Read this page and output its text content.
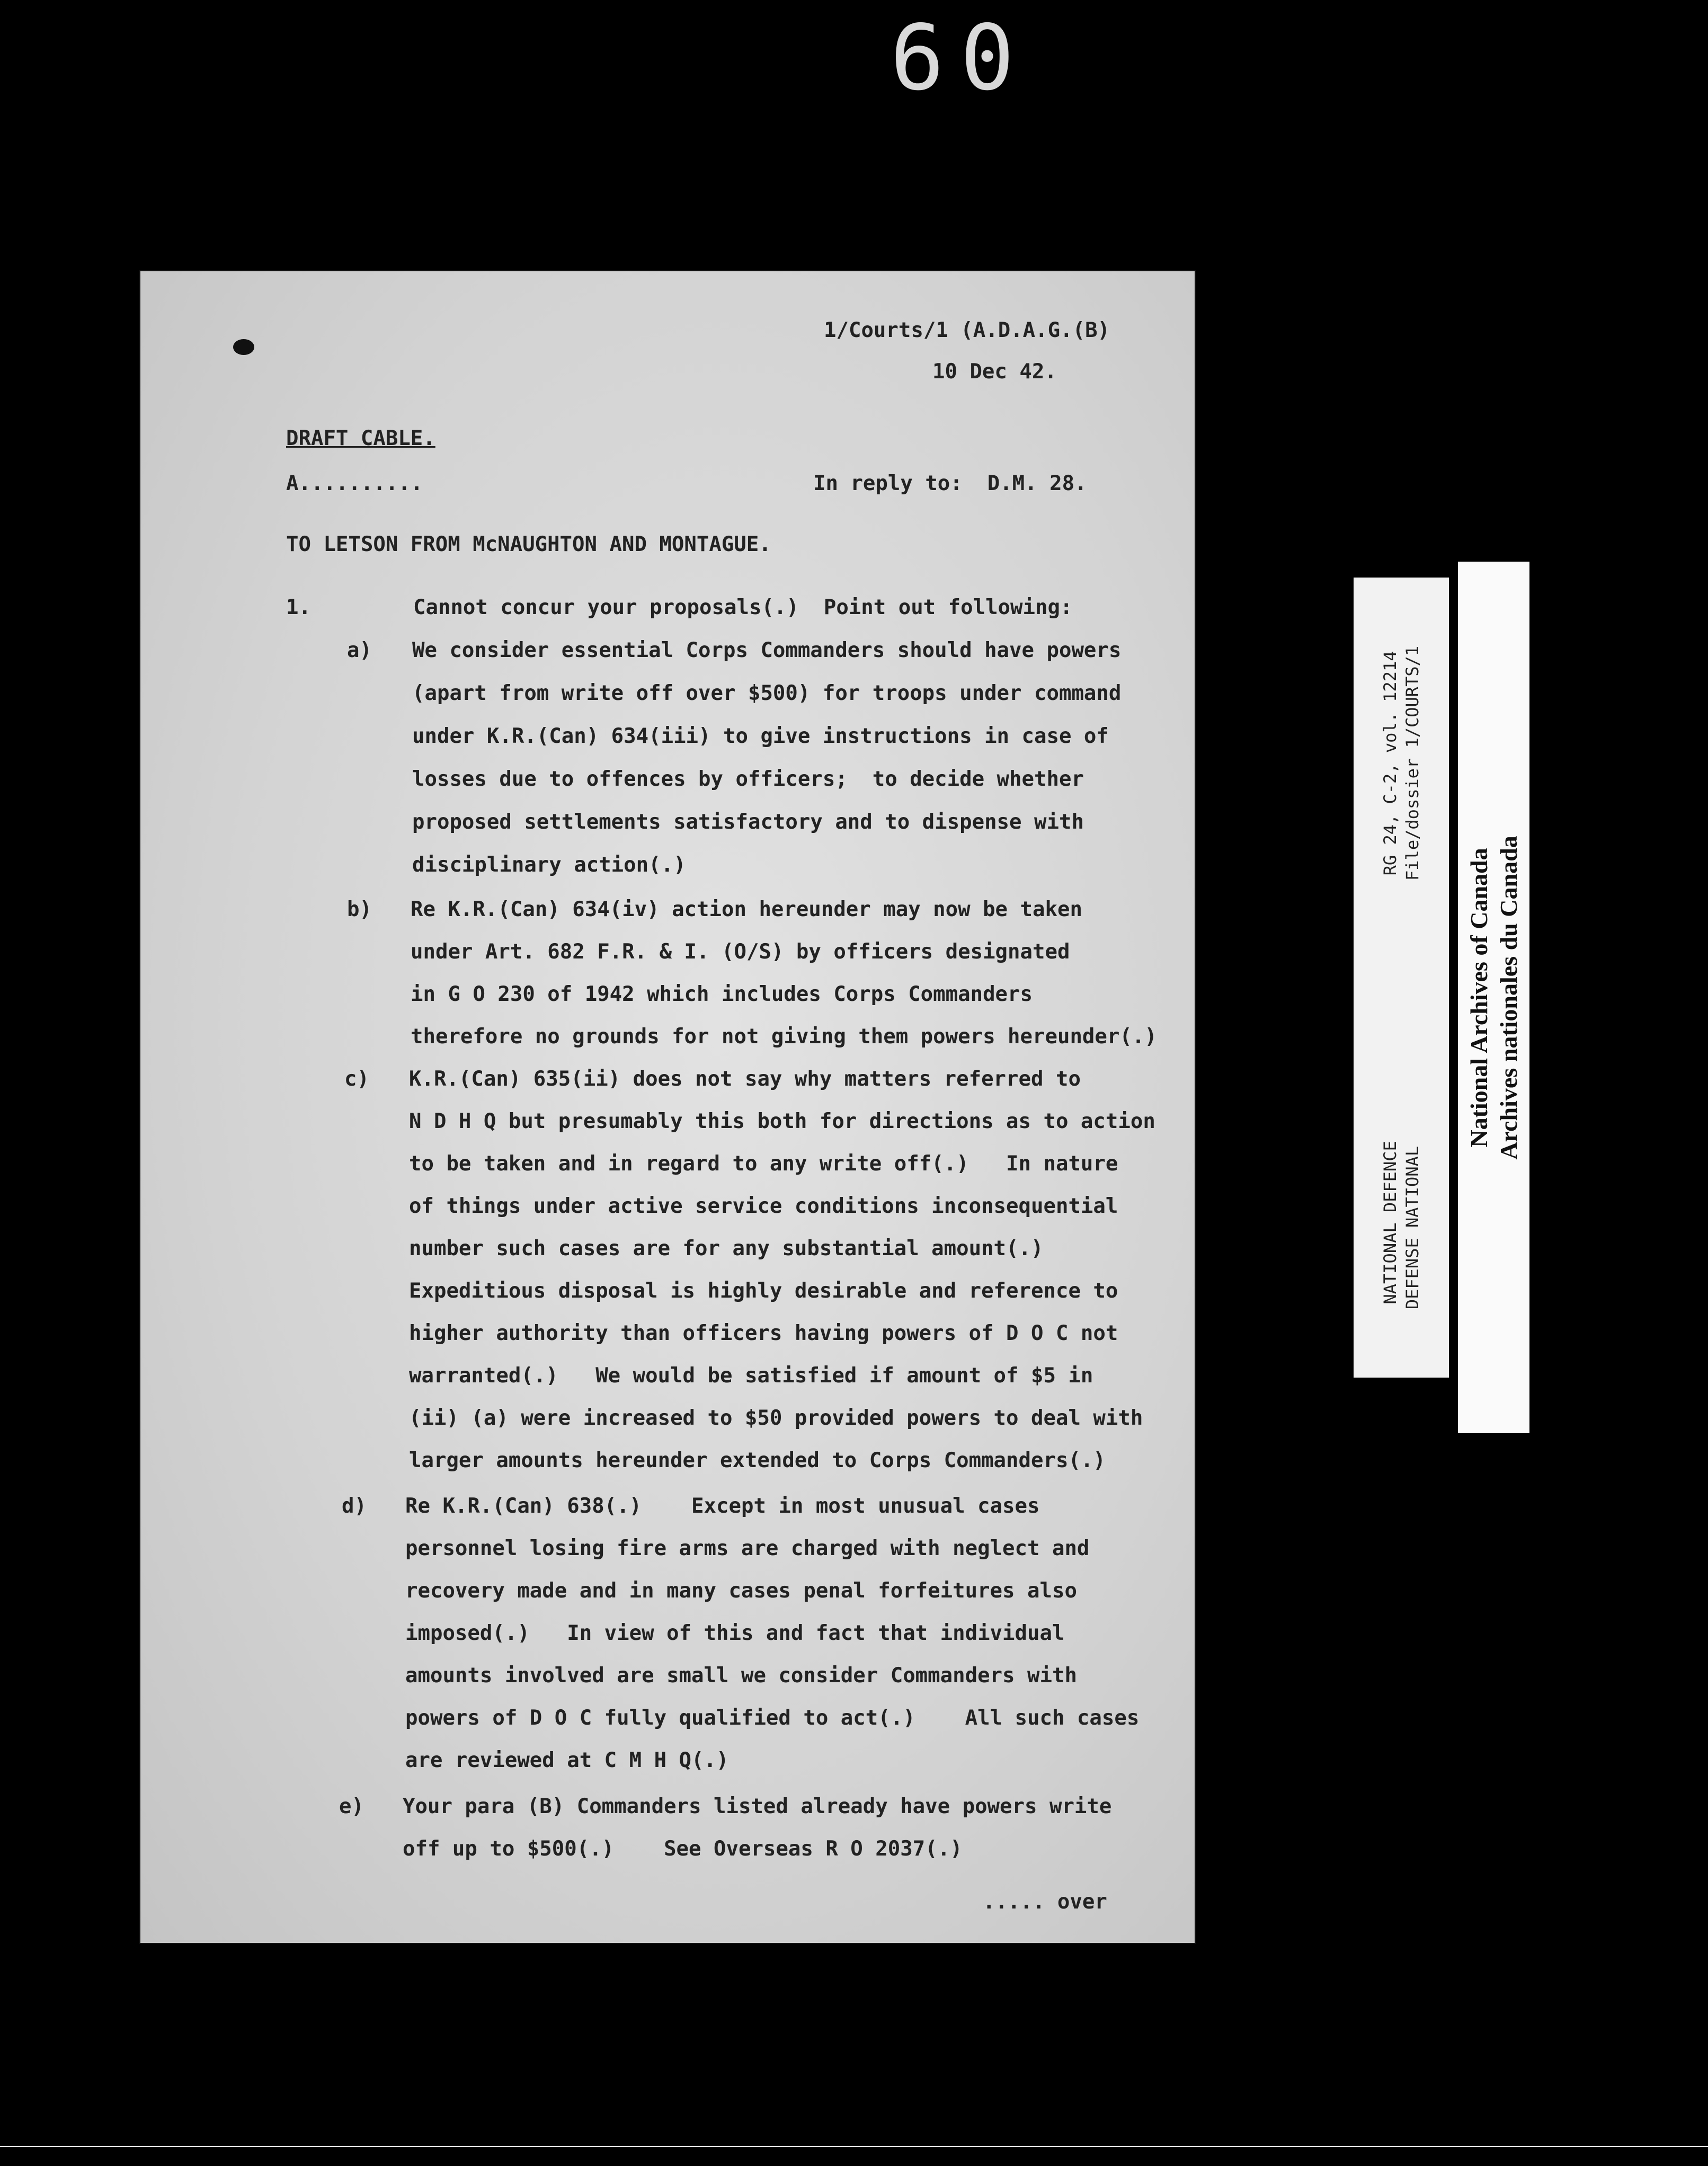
60
1/Courts/1 (A.D.A.G.(B)
10 Dec 42.
DRAFT CABLE.
A..........	In reply to:  D.M. 28.
TO LETSON FROM McNAUGHTON AND MONTAGUE.
1.	Cannot concur your proposals(.)  Point out following:
a) We consider essential Corps Commanders should have powers
(apart from write off over $500) for troops under command
under K.R.(Can) 634(iii) to give instructions in case of
losses due to offences by officers;  to decide whether
proposed settlements satisfactory and to dispense with
disciplinary action(.)
b) Re K.R.(Can) 634(iv) action hereunder may now be taken
under Art. 682 F.R. & I. (O/S) by officers designated
in G O 230 of 1942 which includes Corps Commanders
therefore no grounds for not giving them powers hereunder(.)
c) K.R.(Can) 635(ii) does not say why matters referred to
N D H Q but presumably this both for directions as to action
to be taken and in regard to any write off(.)   In nature
of things under active service conditions inconsequential
number such cases are for any substantial amount(.)
Expeditious disposal is highly desirable and reference to
higher authority than officers having powers of D O C not
warranted(.)   We would be satisfied if amount of $5 in
(ii) (a) were increased to $50 provided powers to deal with
larger amounts hereunder extended to Corps Commanders(.)
d) Re K.R.(Can) 638(.)    Except in most unusual cases
personnel losing fire arms are charged with neglect and
recovery made and in many cases penal forfeitures also
imposed(.)   In view of this and fact that individual
amounts involved are small we consider Commanders with
powers of D O C fully qualified to act(.)    All such cases
are reviewed at C M H Q(.)
e) Your para (B) Commanders listed already have powers write
off up to $500(.)    See Overseas R O 2037(.)
..... over
NATIONAL DEFENCE                          RG 24, C-2, vol. 12214
DEFENSE NATIONAL                          File/dossier 1/COURTS/1
National Archives of Canada Archives nationales du Canada
